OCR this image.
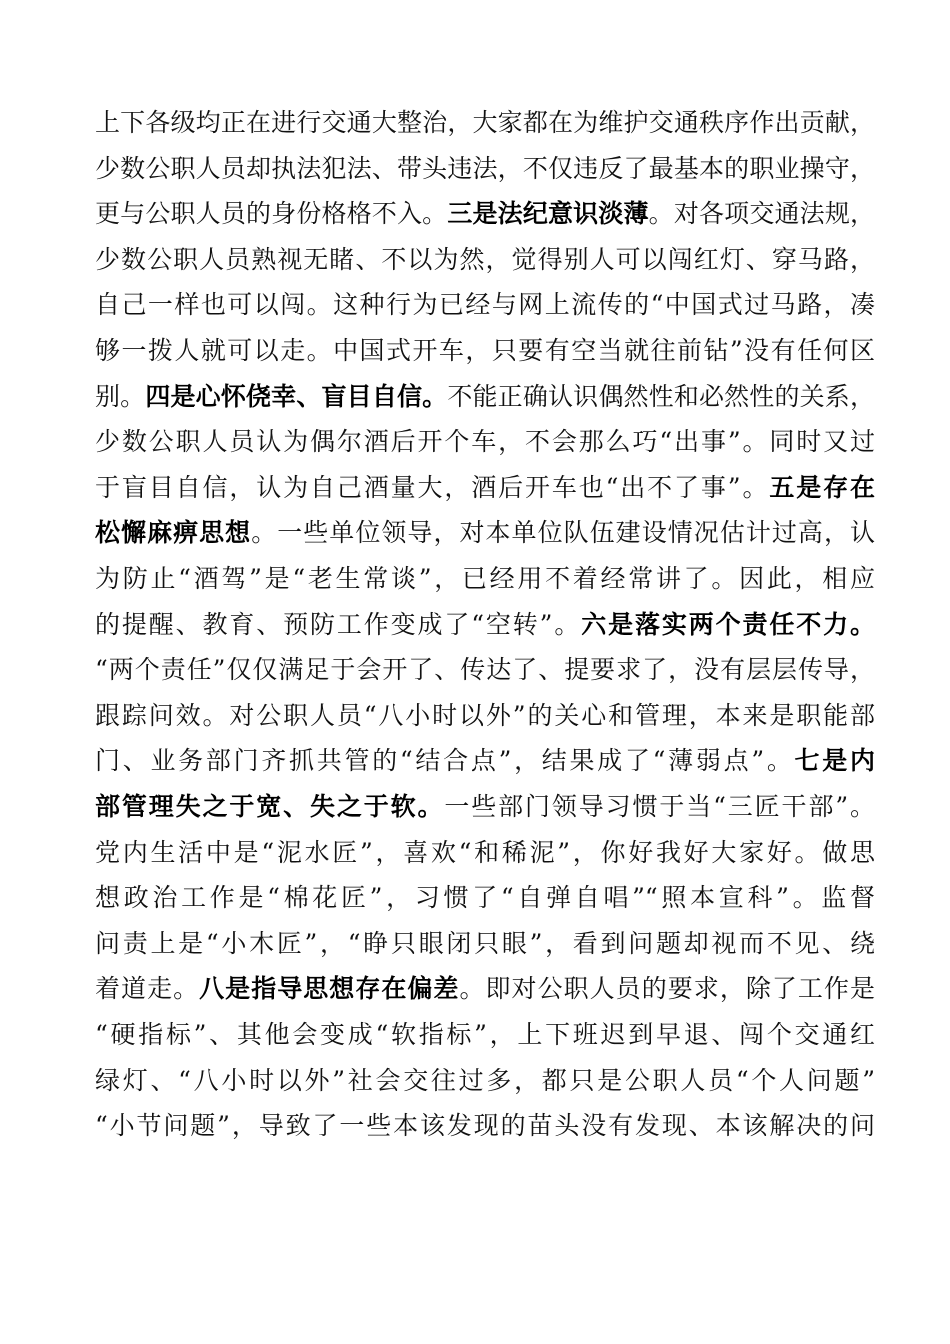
上下各级均正在进行交通大整治，大家都在为维护交通秩序作出贡献，
少数公职人员却执法犯法、带头违法，不仅违反了最基本的职业操守，
更与公职人员的身份格格不入。三是法纪意识淡薄。对各项交通法规，
少数公职人员熟视无睹、不以为然，觉得别人可以闯红灯、穿马路，
自己一样也可以闯。这种行为已经与网上流传的“中国式过马路，凑
够一拨人就可以走。中国式开车，只要有空当就往前钻”没有任何区
别。四是心怀侥幸、盲目自信。不能正确认识偶然性和必然性的关系，
少数公职人员认为偶尔酒后开个车，不会那么巧“出事”。同时又过
于盲目自信，认为自己酒量大，酒后开车也“出不了事”。五是存在
松懈麻痹思想。一些单位领导，对本单位队伍建设情况估计过高，认
为防止“酒驾”是“老生常谈”，已经用不着经常讲了。因此，相应
的提醒、教育、预防工作变成了“空转”。六是落实两个责任不力。
“两个责任”仅仅满足于会开了、传达了、提要求了，没有层层传导，
跟踪问效。对公职人员“八小时以外”的关心和管理，本来是职能部
门、业务部门齐抓共管的“结合点”，结果成了“薄弱点”。七是内
部管理失之于宽、失之于软。一些部门领导习惯于当“三匠干部”。
党内生活中是“泥水匠”，喜欢“和稀泥”，你好我好大家好。做思
想政治工作是“棉花匠”，习惯了“自弹自唱”“照本宣科”。监督
问责上是“小木匠”，“睁只眼闭只眼”，看到问题却视而不见、绕
着道走。八是指导思想存在偏差。即对公职人员的要求，除了工作是
“硬指标”、其他会变成“软指标”，上下班迟到早退、闯个交通红
绿灯、“八小时以外”社会交往过多，都只是公职人员“个人问题”
“小节问题”，导致了一些本该发现的苗头没有发现、本该解决的问
